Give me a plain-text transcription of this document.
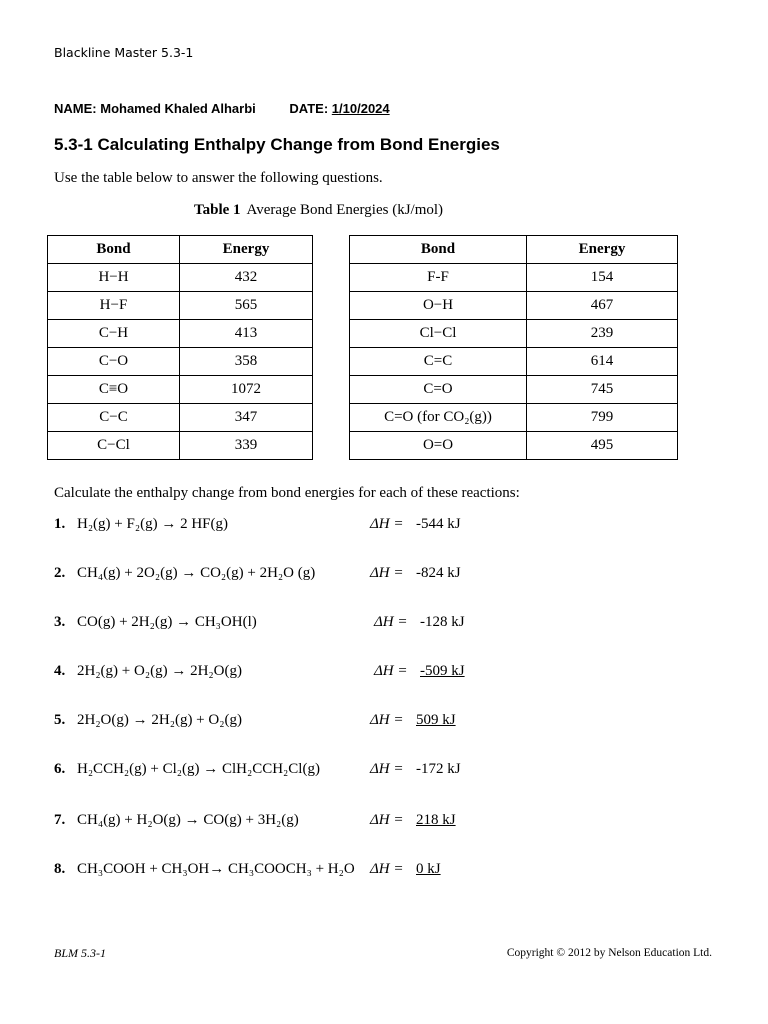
Blackline Master 5.3-1
NAME: Mohamed Khaled Alharbi	DATE: 1/10/2024
5.3-1 Calculating Enthalpy Change from Bond Energies
Use the table below to answer the following questions.
Table 1 Average Bond Energies (kJ/mol)
Bond	Energy
H−H	432
H−F	565
C−H	413
C−O	358
C≡O	1072
C−C	347
C−Cl	339
Bond	Energy
F-F	154
O−H	467
Cl−Cl	239
C=C	614
C=O	745
C=O (for CO₂(g))	799
O=O	495
Calculate the enthalpy change from bond energies for each of these reactions:
1. H₂(g) + F₂(g) → 2 HF(g)	ΔH = -544 kJ
2. CH₄(g) + 2O₂(g) → CO₂(g) + 2H₂O (g)	ΔH = -824 kJ
3. CO(g) + 2H₂(g) → CH₃OH(l)	ΔH = -128 kJ
4. 2H₂(g) + O₂(g) → 2H₂O(g)	ΔH = -509 kJ
5. 2H₂O(g) → 2H₂(g) + O₂(g)	ΔH = 509 kJ
6. H₂CCH₂(g) + Cl₂(g) → ClH₂CCH₂Cl(g)	ΔH = -172 kJ
7. CH₄(g) + H₂O(g) → CO(g) + 3H₂(g)	ΔH = 218 kJ
8. CH₃COOH + CH₃OH→ CH₃COOCH₃ + H₂O ΔH = 0 kJ
BLM 5.3-1	Copyright © 2012 by Nelson Education Ltd.
